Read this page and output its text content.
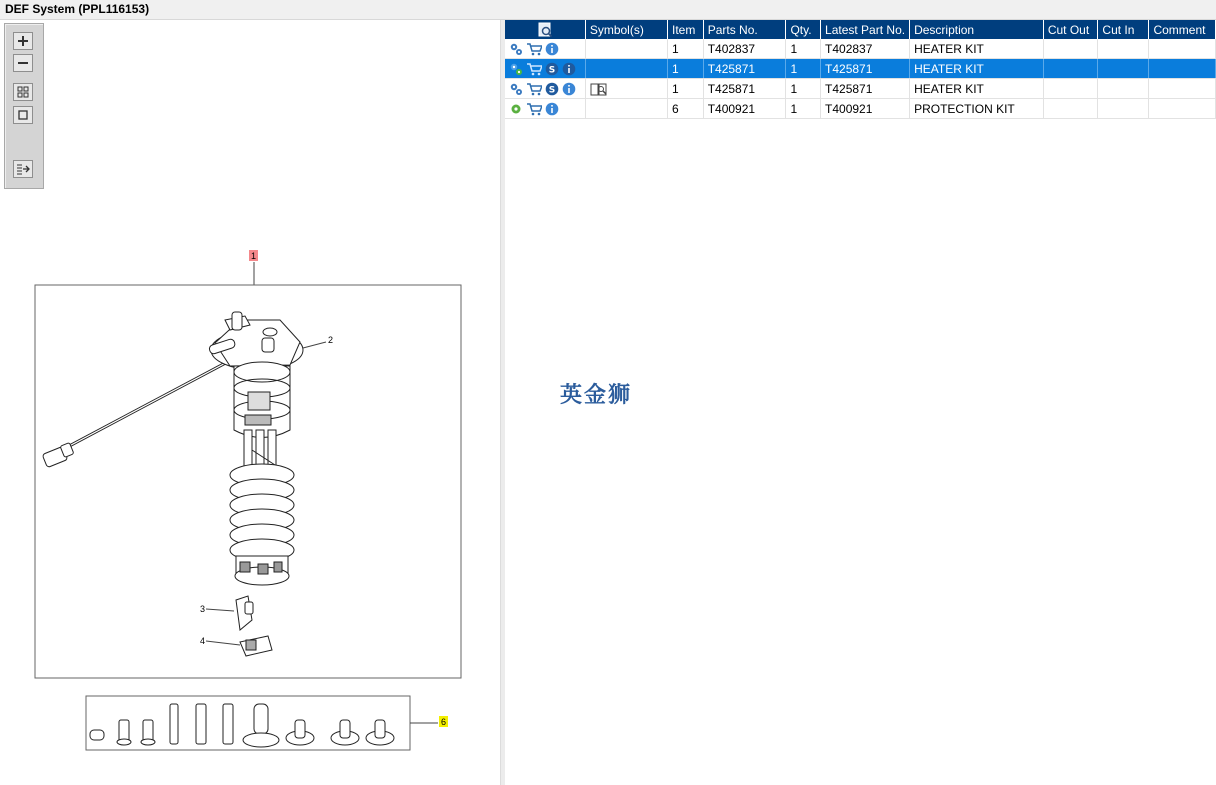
DEF System (PPL116153)
1
2
3
4
6
	Symbol(s)	Item	Parts No.	Qty.	Latest Part No.	Description	Cut Out	Cut In	Comment
		1	T402837	1	T402837	HEATER KIT			

S		1	T425871	1	T425871	HEATER KIT			

S		1	T425871	1	T425871	HEATER KIT			
		6	T400921	1	T400921	PROTECTION KIT			
英金狮
